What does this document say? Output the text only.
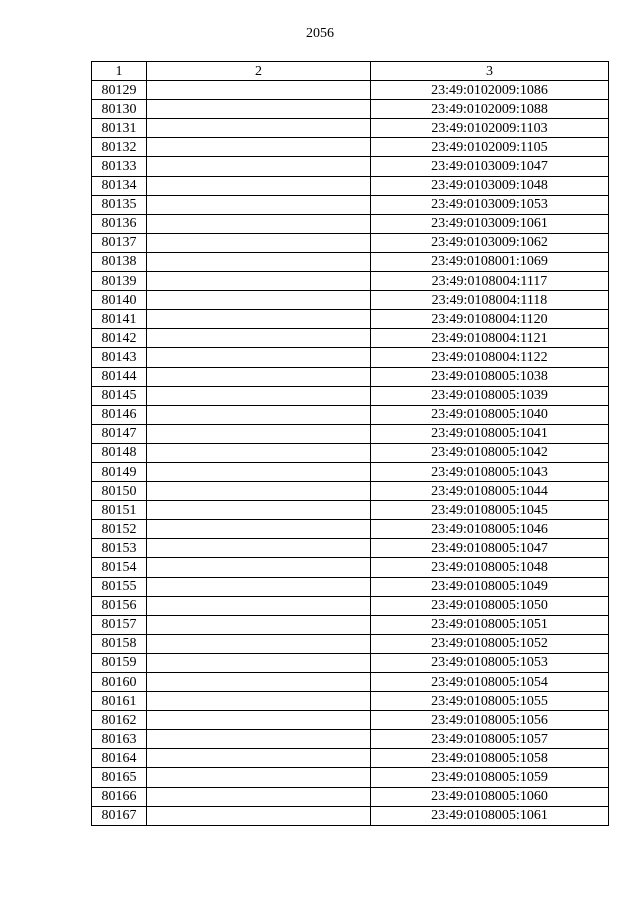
2056
1	2	3
80129		23:49:0102009:1086
80130		23:49:0102009:1088
80131		23:49:0102009:1103
80132		23:49:0102009:1105
80133		23:49:0103009:1047
80134		23:49:0103009:1048
80135		23:49:0103009:1053
80136		23:49:0103009:1061
80137		23:49:0103009:1062
80138		23:49:0108001:1069
80139		23:49:0108004:1117
80140		23:49:0108004:1118
80141		23:49:0108004:1120
80142		23:49:0108004:1121
80143		23:49:0108004:1122
80144		23:49:0108005:1038
80145		23:49:0108005:1039
80146		23:49:0108005:1040
80147		23:49:0108005:1041
80148		23:49:0108005:1042
80149		23:49:0108005:1043
80150		23:49:0108005:1044
80151		23:49:0108005:1045
80152		23:49:0108005:1046
80153		23:49:0108005:1047
80154		23:49:0108005:1048
80155		23:49:0108005:1049
80156		23:49:0108005:1050
80157		23:49:0108005:1051
80158		23:49:0108005:1052
80159		23:49:0108005:1053
80160		23:49:0108005:1054
80161		23:49:0108005:1055
80162		23:49:0108005:1056
80163		23:49:0108005:1057
80164		23:49:0108005:1058
80165		23:49:0108005:1059
80166		23:49:0108005:1060
80167		23:49:0108005:1061
